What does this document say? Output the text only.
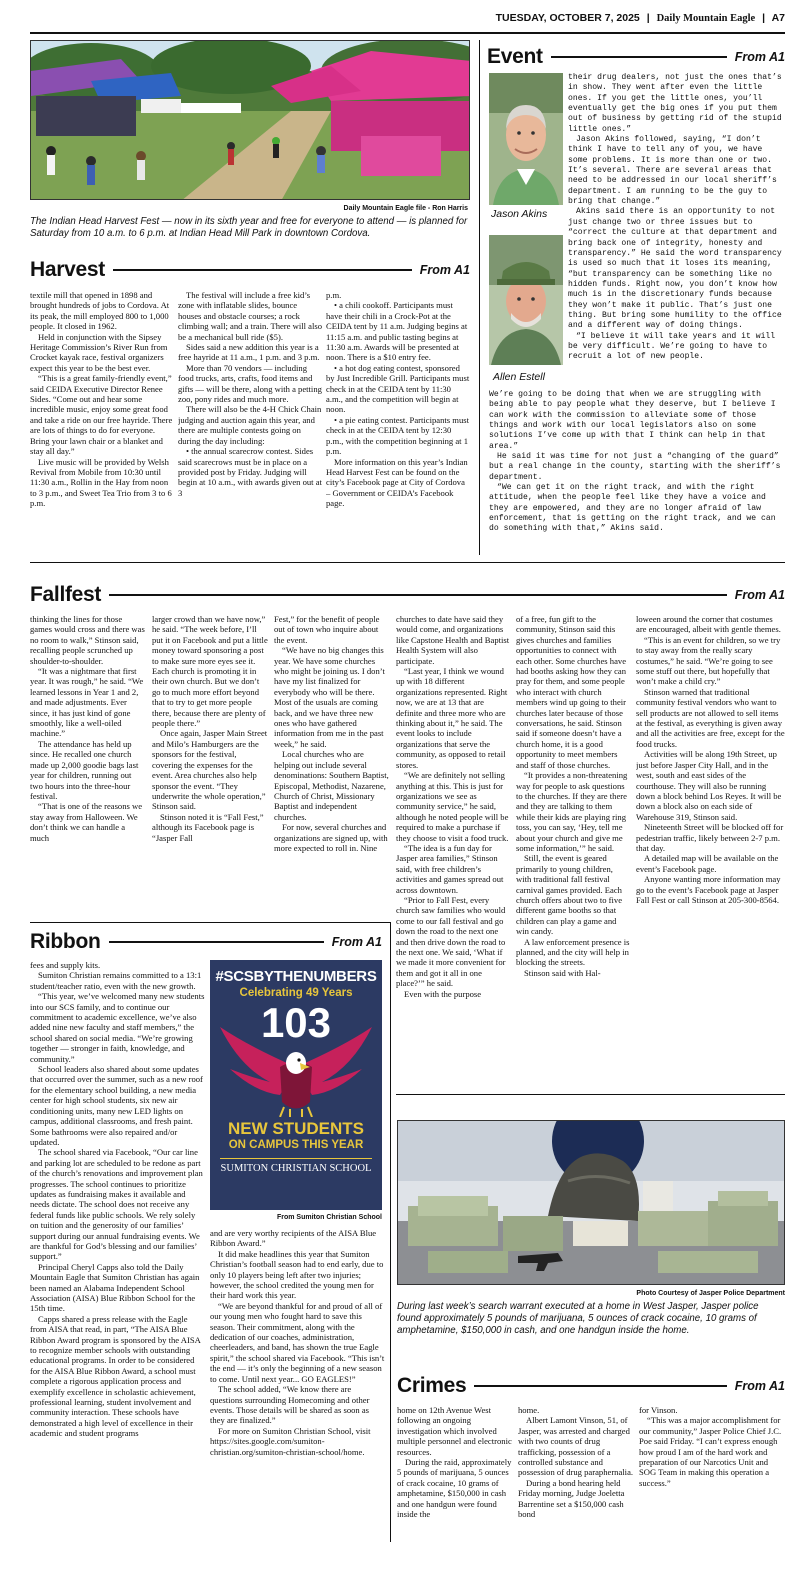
TUESDAY, OCTOBER 7, 2025 | Daily Mountain Eagle | A7
Daily Mountain Eagle file - Ron Harris
The Indian Head Harvest Fest — now in its sixth year and free for everyone to attend — is planned for Saturday from 10 a.m. to 6 p.m. at Indian Head Mill Park in downtown Cordova.
Harvest	From A1

textile mill that opened in 1898 and brought hundreds of jobs to Cordova. At its peak, the mill employed 800 to 1,000 people. It closed in 1962.

Held in conjunction with the Sipsey Heritage Commission’s River Run from Crocket kayak race, festival organizers expect this year to be the best ever.

“This is a great family-friendly event,” said CEIDA Executive Director Renee Sides. “Come out and hear some incredible music, enjoy some great food and take a ride on our free hayride. There are lots of things to do for everyone. Bring your lawn chair or a blanket and stay all day.”

Live music will be provided by Welsh Revival from Mobile from 10:30 until 11:30 a.m., Rollin in the Hay from noon to 3 p.m., and Sweet Tea Trio from 3 to 6 p.m.

The festival will include a free kid’s zone with inflatable slides, bounce houses and obstacle courses; a rock climbing wall; and a train. There will also be a mechanical bull ride ($5).

Sides said a new addition this year is a free hayride at 11 a.m., 1 p.m. and 3 p.m.

More than 70 vendors — including food trucks, arts, crafts, food items and gifts — will be there, along with a petting zoo, pony rides and much more.

There will also be the 4-H Chick Chain judging and auction again this year, and there are multiple contests going on during the day including:

• the annual scarecrow contest. Sides said scarecrows must be in place on a provided post by Friday. Judging will begin at 10 a.m., with awards given out at 3

p.m.

• a chili cookoff. Participants must have their chili in a Crock-Pot at the CEIDA tent by 11 a.m. Judging begins at 11:15 a.m. and public tasting begins at 11:30 a.m. Awards will be presented at noon. There is a $10 entry fee.

• a hot dog eating contest, sponsored by Just Incredible Grill. Participants must check in at the CEIDA tent by 11:30 a.m., and the competition will begin at noon.

• a pie eating contest. Participants must check in at the CEIDA tent by 12:30 p.m., with the competition beginning at 1 p.m.

More information on this year’s Indian Head Harvest Fest can be found on the city’s Facebook page at City of Cordova – Government or CEIDA’s Facebook page.

Event	From A1
Jason Akins
Allen Estell

their drug dealers, not just the ones that’s in show. They went after even the little ones. If you get the little ones, you’ll eventually get the big ones if you put them out of business by getting rid of the stupid little ones.”

Jason Akins followed, saying, “I don’t think I have to tell any of you, we have some problems. It is more than one or two. It’s several. There are several areas that need to be addressed in our local sheriff’s department. I am running to be the guy to bring that change.”

Akins said there is an opportunity to not just change two or three issues but to “correct the culture at that department and bring back one of integrity, honesty and transparency.” He said the word transparency is used so much that it loses its meaning, “but transparency can be something like no hidden funds. Right now, you don’t know how much is in the discretionary funds because they won’t make it public. That’s just one thing. But bring some humility to the office and a different way of doing things.

“I believe it will take years and it will be very difficult. We’re going to have to recruit a lot of new people.

We’re going to be doing that when we are struggling with being able to pay people what they deserve, but I believe I can work with the commission to alleviate some of those things and work with our local legislators also on some solutions I’ve come up with that I think can help in that area.”

He said it was time for not just a “changing of the guard” but a real change in the county, starting with the sheriff’s department.

“We can get it on the right track, and with the right attitude, when the people feel like they have a voice and they are empowered, and they are no longer afraid of law enforcement, that is getting on the right track, and we can do something with that,” Akins said.

Fallfest	From A1

thinking the lines for those games would cross and there was no room to walk,” Stinson said, recalling people scrunched up shoulder-to-shoulder.

“It was a nightmare that first year. It was rough,” he said. “We learned lessons in Year 1 and 2, and made adjustments. Ever since, it has just kind of gone smoothly, like a well-oiled machine.”

The attendance has held up since. He recalled one church made up 2,000 goodie bags last year for children, running out two hours into the three-hour festival.

“That is one of the reasons we stay away from Halloween. We don’t think we can handle a much

larger crowd than we have now,” he said. “The week before, I’ll put it on Facebook and put a little money toward sponsoring a post to make sure more eyes see it. Each church is promoting it in their own church. But we don’t go to much more effort beyond that to try to get more people there, because there are plenty of people there.”

Once again, Jasper Main Street and Milo’s Hamburgers are the sponsors for the festival, covering the expenses for the event. Area churches also help sponsor the event. “They underwrite the whole operation,” Stinson said.

Stinson noted it is “Fall Fest,” although its Facebook page is “Jasper Fall

Fest,” for the benefit of people out of town who inquire about the event.

“We have no big changes this year. We have some churches who might be joining us. I don’t have my list finalized for everybody who will be there. Most of the usuals are coming back, and we have three new ones who have gathered information from me in the past week,” he said.

Local churches who are helping out include several denominations: Southern Baptist, Episcopal, Methodist, Nazarene, Church of Christ, Missionary Baptist and independent churches.

For now, several churches and organizations are signed up, with more expected to roll in. Nine

churches to date have said they would come, and organizations like Capstone Health and Baptist Health System will also participate.

“Last year, I think we wound up with 18 different organizations represented. Right now, we are at 13 that are definite and three more who are thinking about it,” he said. The event looks to include organizations that serve the community, as opposed to retail stores.

“We are definitely not selling anything at this. This is just for organizations we see as community service,” he said, although he noted people will be required to make a purchase if they choose to visit a food truck.

“The idea is a fun day for Jasper area families,” Stinson said, with free children’s activities and games spread out across downtown.

“Prior to Fall Fest, every church saw families who would come to our fall festival and go down the road to the next one and then drive down the road to the next one. We said, ‘What if we made it more convenient for them and got it all in one place?’” he said.

Even with the purpose

of a free, fun gift to the community, Stinson said this gives churches and families opportunities to connect with each other. Some churches have had booths asking how they can pray for them, and some people who interact with church members wind up going to their churches later because of those conversations, he said. Stinson said if someone doesn’t have a church home, it is a good opportunity to meet members and staff of those churches.

“It provides a non-threatening way for people to ask questions to the churches. If they are there and they are talking to them while their kids are playing ring toss, you can say, ‘Hey, tell me about your church and give me some information,’” he said.

Still, the event is geared primarily to young children, with traditional fall festival carnival games provided. Each church offers about two to five different game booths so that children can play a game and win candy.

A law enforcement presence is planned, and the city will help in blocking the streets.

Stinson said with Hal-

loween around the corner that costumes are encouraged, albeit with gentle themes.

“This is an event for children, so we try to stay away from the really scary costumes,” he said. “We’re going to see some stuff out there, but hopefully that won’t make a child cry.”

Stinson warned that traditional community festival vendors who want to sell products are not allowed to sell items at the festival, as everything is given away and all the activities are free, except for the food trucks.

Activities will be along 19th Street, up just before Jasper City Hall, and in the west, south and east sides of the courthouse. They will also be running down a block behind Los Reyes. It will be down a block also on each side of Warehouse 319, Stinson said.

Nineteenth Street will be blocked off for pedestrian traffic, likely between 2-7 p.m. that day.

A detailed map will be available on the event’s Facebook page.

Anyone wanting more information may go to the event’s Facebook page at Jasper Fall Fest or call Stinson at 205-300-8564.

Ribbon	From A1
#SCSBYTHENUMBERS
Celebrating 49 Years
103
NEW STUDENTS
ON CAMPUS THIS YEAR
SUMITON CHRISTIAN SCHOOL
From Sumiton Christian School

fees and supply kits.

Sumiton Christian remains committed to a 13:1 student/teacher ratio, even with the new growth.

“This year, we’ve welcomed many new students into our SCS family, and to continue our commitment to academic excellence, we’ve also added nine new faculty and staff members,” the school shared on social media. “We’re growing together — stronger in faith, knowledge, and community.”

School leaders also shared about some updates that occurred over the summer, such as a new roof for the elementary school building, a new media center for high school students, six new air conditioning units, many new LED lights on campus, additional classrooms, and fresh paint. Some bathrooms were also repaired and/or updated.

The school shared via Facebook, “Our car line and parking lot are scheduled to be redone as part of the church’s renovations and improvement plan progresses. The school continues to prioritize updates as fundraising makes it available and needs dictate. The school does not receive any federal funds like public schools. We rely solely on tuition and the generosity of our families’ support during our annual fundraising events. We are thankful for God’s blessing and our families’ support.”

Principal Cheryl Capps also told the Daily Mountain Eagle that Sumiton Christian has again been named an Alabama Independent School Association (AISA) Blue Ribbon School for the 15th time.

Capps shared a press release with the Eagle from AISA that read, in part, “The AISA Blue Ribbon Award program is sponsored by the AISA to recognize member schools with outstanding educational programs. In order to be considered for the AISA Blue Ribbon Award, a school must complete a rigorous application process and exemplify excellence in scholastic achievement, professional learning, student involvement and community interaction. These schools have demonstrated a high level of excellence in their academic and student programs

and are very worthy recipients of the AISA Blue Ribbon Award.”

It did make headlines this year that Sumiton Christian’s football season had to end early, due to only 10 players being left after two injuries; however, the school credited the young men for their hard work this year.

“We are beyond thankful for and proud of all of our young men who fought hard to save this season. Their commitment, along with the dedication of our coaches, administration, cheerleaders, and band, has shown the true Eagle spirit,” the school shared via Facebook. “This isn’t the end — it’s only the beginning of a new season to come. Until next year... GO EAGLES!”

The school added, “We know there are questions surrounding Homecoming and other events. Those details will be shared as soon as they are finalized.”

For more on Sumiton Christian School, visit https://sites.google.com/sumiton-christian.org/sumiton-christian-school/home.

Photo Courtesy of Jasper Police Department
During last week’s search warrant executed at a home in West Jasper, Jasper police found approximately 5 pounds of marijuana, 5 ounces of crack cocaine, 10 grams of amphetamine, $150,000 in cash, and one handgun inside the home.
Crimes	From A1

home on 12th Avenue West following an ongoing investigation which involved multiple personnel and electronic resources.

During the raid, approximately 5 pounds of marijuana, 5 ounces of crack cocaine, 10 grams of amphetamine, $150,000 in cash and one handgun were found inside the

home.

Albert Lamont Vinson, 51, of Jasper, was arrested and charged with two counts of drug trafficking, possession of a controlled substance and possession of drug paraphernalia.

During a bond hearing held Friday morning, Judge Joeletta Barrentine set a $150,000 cash bond

for Vinson.

“This was a major accomplishment for our community,” Jasper Police Chief J.C. Poe said Friday. “I can’t express enough how proud I am of the hard work and preparation of our Narcotics Unit and SOG Team in making this operation a success.”
